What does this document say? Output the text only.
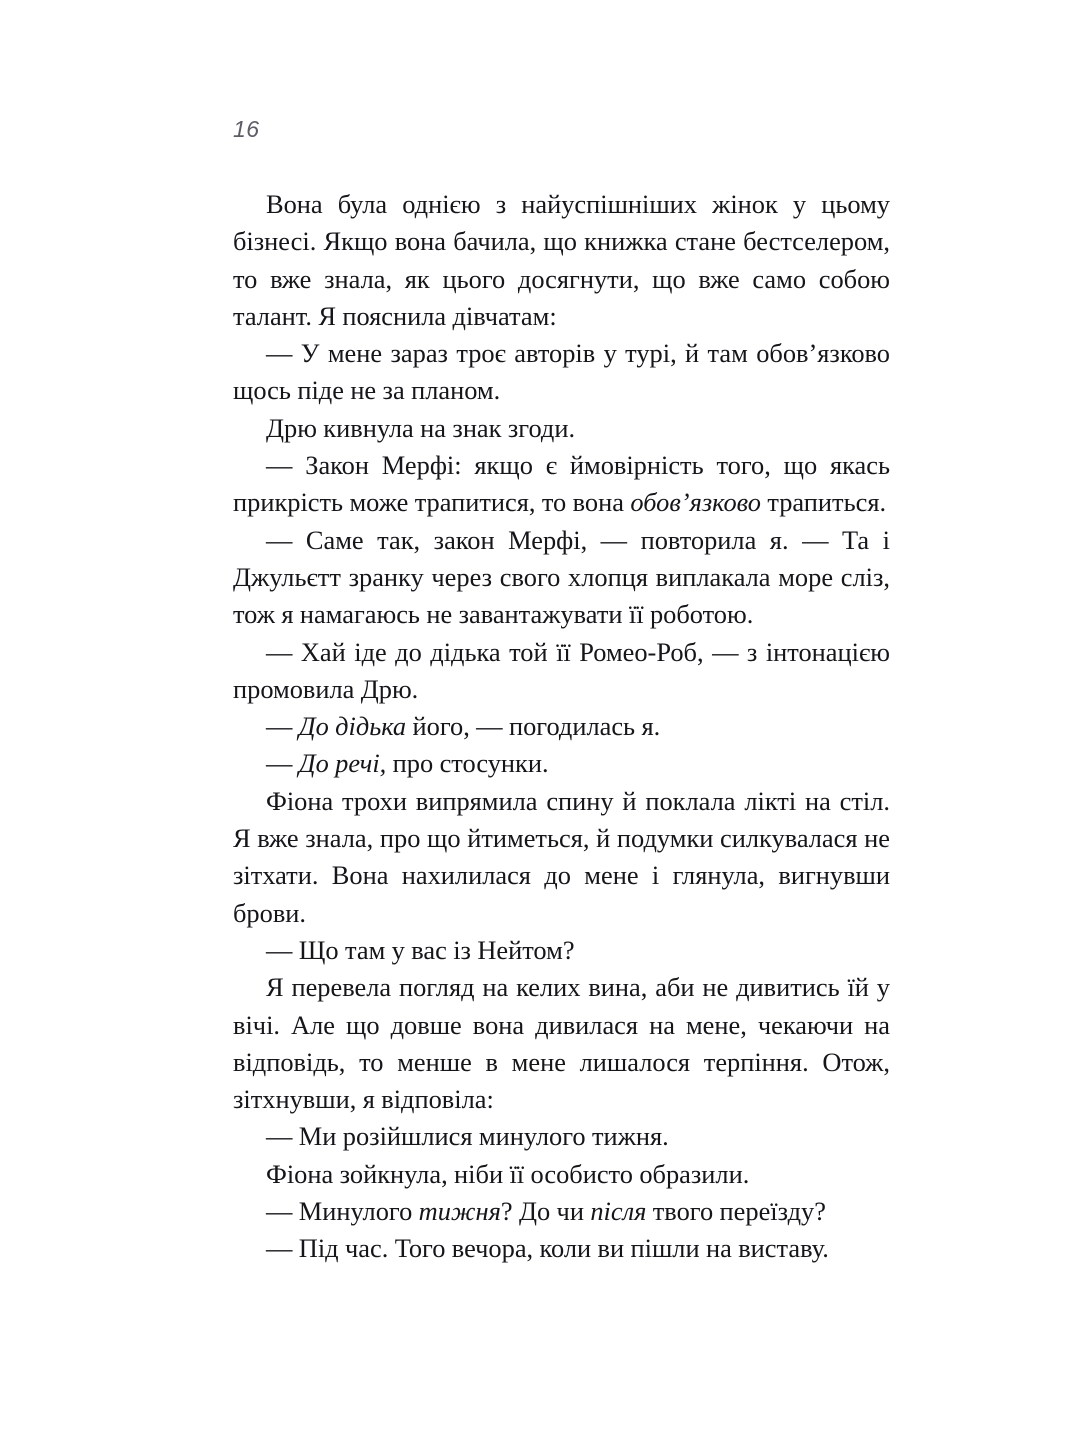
16

Вона була однією з найуспішніших жінок у цьому бізнесі. Якщо вона бачила, що книжка стане бестселером, то вже знала, як цього досягнути, що вже само собою талант. Я пояснила дівчатам:

— У мене зараз троє авторів у турі, й там обов’язково щось піде не за планом.

Дрю кивнула на знак згоди.

— Закон Мерфі: якщо є ймовірність того, що якась прикрість може трапитися, то вона обов’язково трапиться.

— Саме так, закон Мерфі, — повторила я. — Та і Джульєтт зранку через свого хлопця виплакала море сліз, тож я намагаюсь не завантажувати її роботою.

— Хай іде до дідька той її Ромео-Роб, — з інтонацією промовила Дрю.

— До дідька його, — погодилась я.

— До речі, про стосунки.

Фіона трохи випрямила спину й поклала лікті на стіл. Я вже знала, про що йтиметься, й подумки силкувалася не зітхати. Вона нахилилася до мене і глянула, вигнувши брови.

— Що там у вас із Нейтом?

Я перевела погляд на келих вина, аби не дивитись їй у вічі. Але що довше вона дивилася на мене, чекаючи на відповідь, то менше в мене лишалося терпіння. Отож, зітхнувши, я відповіла:

— Ми розійшлися минулого тижня.

Фіона зойкнула, ніби її особисто образили.

— Минулого тижня? До чи після твого переїзду?

— Під час. Того вечора, коли ви пішли на виставу.
